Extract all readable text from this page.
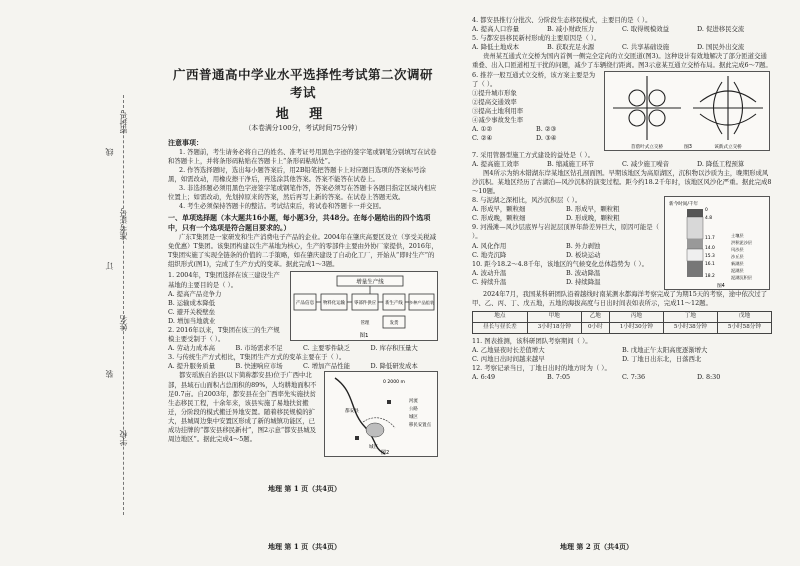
密封号
线
准考证号
订
姓名
装
学校
广西普通高中学业水平选择性考试第二次调研考试
地 理
（本卷满分100分，考试时间75分钟）
注意事项：

1. 答题前，考生请务必将自己的姓名、准考证号用黑色字迹的签字笔或钢笔分别填写在试卷和答题卡上，并将条形码粘贴在答题卡上“条形码粘贴处”。

2. 作答选择题时，选出每小题答案后，用2B铅笔把答题卡上对应题目选项的答案标号涂黑，如需改动，用橡皮擦干净后，再选涂其他答案。答案不能答在试卷上。

3. 非选择题必须用黑色字迹签字笔或钢笔作答，答案必须写在答题卡各题目指定区域内相应位置上；如需改动，先划掉原来的答案，然后再写上新的答案。在试卷上答题无效。

4. 考生必须保持答题卡的整洁。考试结束后，将试卷和答题卡一并交回。

一、单项选择题（本大题共16小题，每小题3分，共48分。在每小题给出的四个选项中，只有一个选项是符合题目要求的。）

广东T集团是一家研发和生产消费电子产品的企业。2004年在肇庆高要区设立（享受关税减免优惠）T集团。该集团构建以生产基地为核心，生产的零部件主要由外协厂家提供，2016年，T集团实施了实现全链条的价值的二手策略，如在肇庆建设了自动化工厂，开始从“即时生产”的组织形式(图1)，完成了生产方式的变革。据此完成1～3题。

1. 2004年，T集团选择在该三建设生产基地的主要目的是（ ）。

A. 提高产品竞争力
B. 运输成本降低
C. 避开关税壁垒
D. 增加当地就业

2. 2016年以来，T集团在该三的生产规模主要受制于（ ）。

增量生产线
产品信息 物料化运输 零部件供应 新生产线 多种产品组装
发货
管理
图1
A. 劳动力成本高	B. 市场需求不足	C. 主要零件缺乏	D. 库存积压量大

3. 与传统生产方式相比，T集团生产方式的变革主要在于（ ）。

A. 提升服务质量	B. 快速响应市场	C. 增加产品性能	D. 降低研发成本

都安瑶族自治县(以下简称都安县)位于广西中北部，县域石山面积占总面积的89%，人均耕地面积不足0.7亩。自2003年，都安县在全广西率先实施扶贫生态移民工程，十余年来，该县实施了易地扶贫搬迁，分阶段的模式搬迁异地安置。随着移民规模的扩大，县城周边集中安置区形成了新的城镇功能区，已成功挂牌的“都安县移民新村”，图2示意“都安县城及周边地区”。据此完成4～5题。

0 2000 m
城区
都安县
河流
公路
城区
移民安置点
图2
地理 第 1 页（共4页）

4. 都安县推行分批次、分阶段生态移民模式，主要目的是（ ）。

A. 提高人口容量	B. 减小财政压力	C. 取得规模效益	D. 促进移民交流

5. 与都安县移民新村形成的主要原因是（ ）。

A. 降低土地成本	B. 获取充足水源	C. 共享基础设施	D. 国民外出交流

贵州某互通式立交桥为国内首例一侧完全定向的立交匝道(图3)。这种设计有效地解决了部分匝道交通重叠、出入口匝道相互干扰的问题，减少了车辆绕行距离。图3示意某互通立交桥布局。据此完成6～7题。

6. 推荐一般互通式立交桥，该方案主要是为了（ ）。

①提升城市形象
②提高交通效率
③提高土地利用率
④减少事故发生率
A. ①②	B. ②③
C. ②④	D. ③④
苜蓿叶式立交桥	该新式立交桥
图3

7. 采用管器型施工方式建设的益处是（ ）。

A. 提高施工效率	B. 缩减施工环节	C. 减少施工噪音	D. 降低工程预算

图4所示为纳木错湖东岸某地区钻孔剖面图。早期该地区为高原湖区，沉积物以沙质为主，晚期形成风沙沉积。某地区经历了古湖泊—风沙沉积的演变过程。距今约18.2千年时，该地区风沙化严重。据此完成8～10题。

8. 与泥湖之深相比，风沙沉积层（ ）。

A. 形成早，颗粒细	B. 形成早，颗粒粗
C. 形成晚，颗粒细	D. 形成晚，颗粒粗

9. 河漫滩—风沙层底界与岩泥层顶界年龄差异巨大，原因可能是（ ）。

A. 风化作用	B. 外力剥蚀
C. 地壳沉降	D. 板块运动

10. 距今18.2～4.8千年，该地区的气候变化总体趋势为（ ）。

A. 波动升温	B. 波动降温
C. 持续升温	D. 持续降温
新今时间/千年
0
4.8
11.7
14.0
15.3
16.1
18.2
土壤层
洪积泥沙层
风沙层
沙丘层
新湖层
泥湖层
泥湖沉积层
图4

2024年7月，我国某科研团队沿着越线时南某测水都海洋考察完成了为期15天的考察，途中依次过了甲、乙、丙、丁、戊五地，五地的海拔高度与日出时间表如表所示，完成11～12题。

地点	甲地	乙地	丙地	丁地	戊地
昼长与昼长差	3小时18分钟	0小时	1小时30分钟	5小时38分钟	5小时58分钟

11. 图表推测，该科研团队考察期间（ ）。

A. 乙地昼夜时长差值增大	B. 戊地正午太阳高度逐渐增大
C. 丙地日出时间越来越早	D. 丁地日出东北，日落西北

12. 考察记录当日，丁地日出时的地方时为（ ）。

A. 6:49	B. 7:05	C. 7:36	D. 8:30
地理 第 2 页（共4页）
地理 第 1 页（共4页）
